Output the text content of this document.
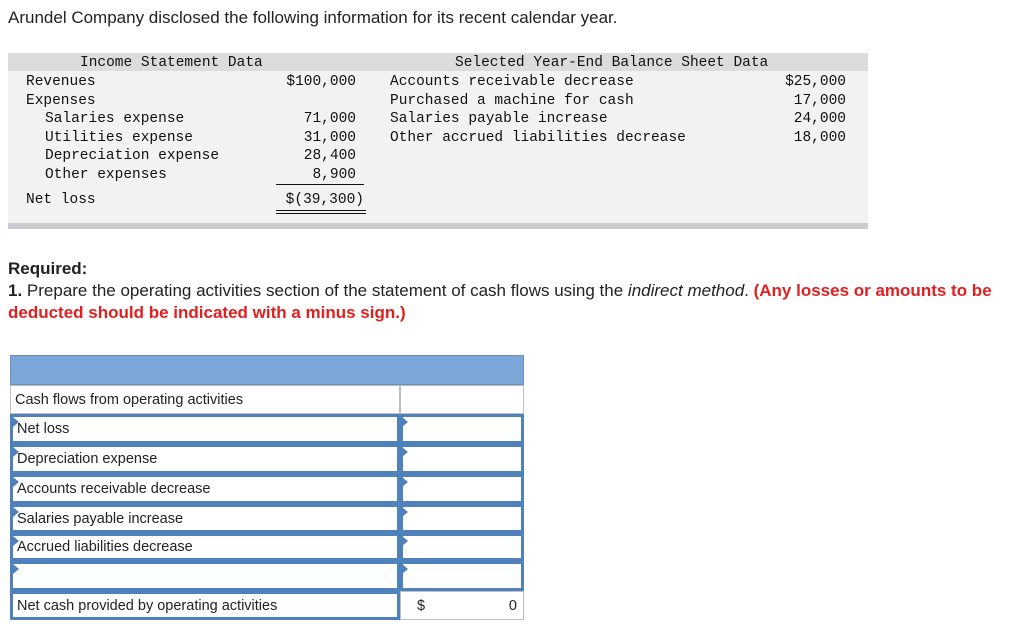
Arundel Company disclosed the following information for its recent calendar year.
Income Statement Data	Selected Year-End Balance Sheet Data
Revenues	$100,000
Expenses
Salaries expense	71,000
Utilities expense	31,000
Depreciation expense	28,400
Other expenses	8,900
Net loss	$(39,300)
Accounts receivable decrease	$25,000
Purchased a machine for cash	17,000
Salaries payable increase	24,000
Other accrued liabilities decrease	18,000
Required:
1. Prepare the operating activities section of the statement of cash flows using the indirect method. (Any losses or amounts to be deducted should be indicated with a minus sign.)
Cash flows from operating activities
Net loss
Depreciation expense
Accounts receivable decrease
Salaries payable increase
Accrued liabilities decrease
Net cash provided by operating activities	$	0
